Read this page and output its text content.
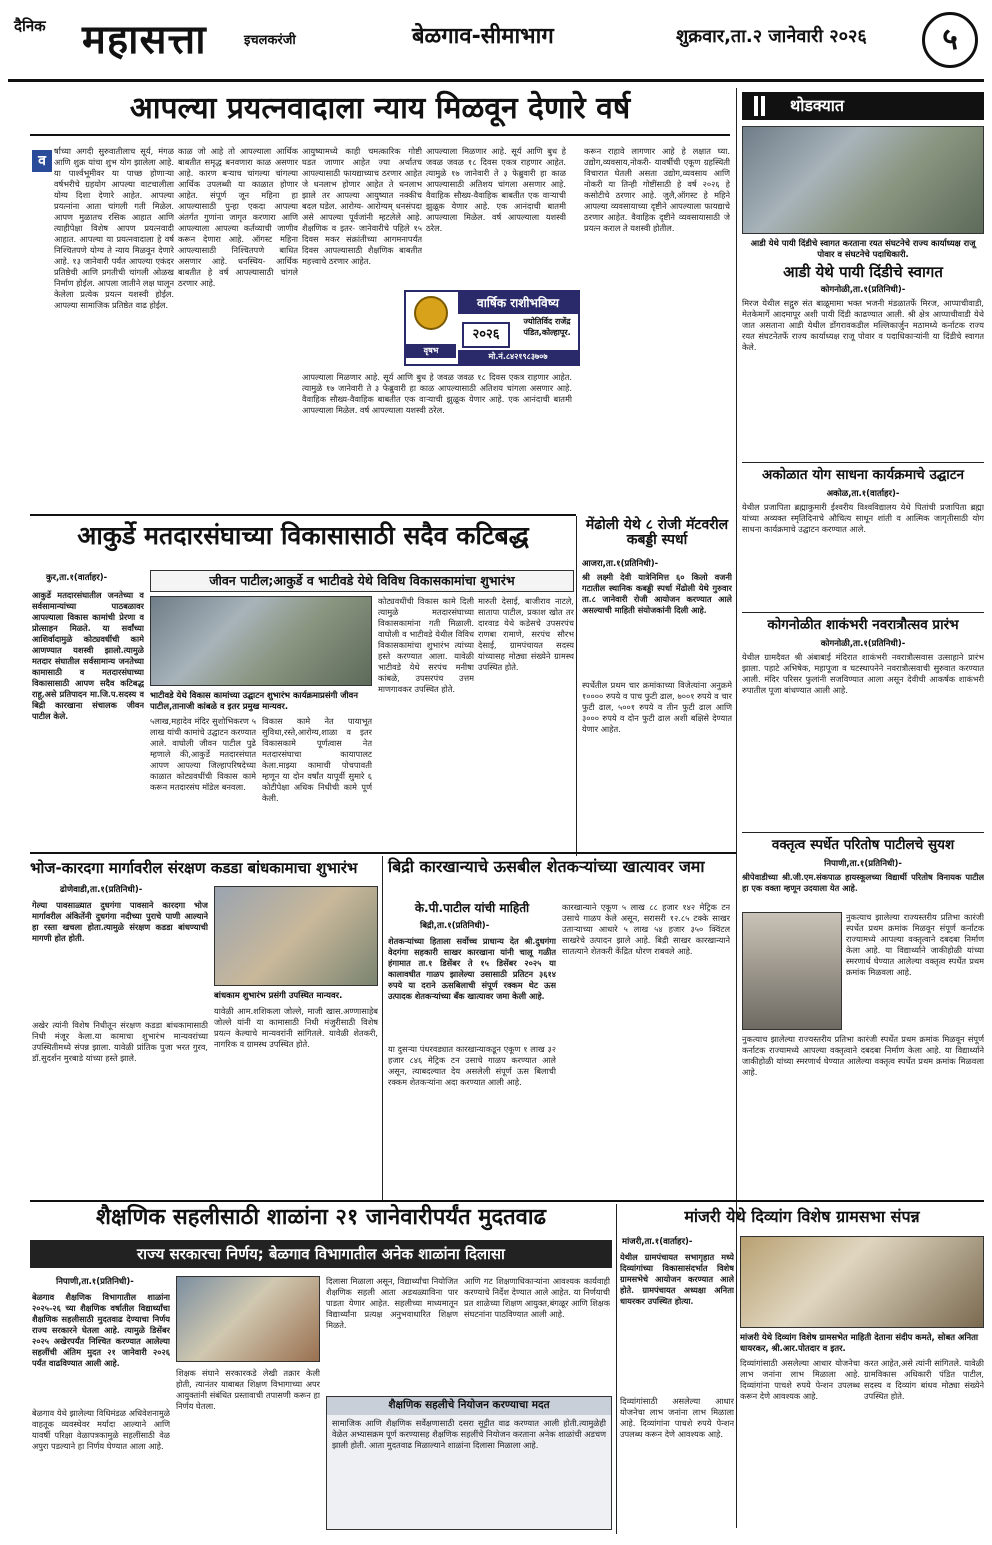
दैनिक महासत्ता	इचलकरंजी	बेळगाव-सीमाभाग	शुक्रवार,ता.२ जानेवारी २०२६	५
आपल्या प्रयत्नवादाला न्याय मिळवून देणारे वर्ष
व
र्षाच्या अगदी सुरुवातीलाच सूर्य, मंगळ आणि शुक्र यांचा शुभ योग झालेला आहे. या पार्श्वभूमीवर या पाच्छ होणाऱ्या वर्षभरीचे ग्रहयोग आपल्या वाटचालीला योग्य दिशा देणारे आहेत. आपल्या प्रयत्नांना आता चांगली गती मिळेल. आपण मुळातच रसिक आहात आणि त्याहीपेक्षा विशेष आपण प्रयत्नवादी आहात. आपल्या या प्रयत्नवादाला हे वर्ष निश्चितपणे योग्य ते न्याय मिळवून देणारे आहे. १३ जानेवारी पर्यंत आपल्या एकंदर प्रतिष्ठेची आणि प्रगतीची चांगली ओळख निर्माण होईल. आपला जातीने लक्ष घालून केलेला प्रत्येक प्रयत्न यशस्वी होईल. आपल्या सामाजिक प्रतिष्ठेत वाढ होईल.
काळ जो आहे तो आपल्याला आर्थिक बाबतीत समृद्ध बनवणारा काळ असणार आहे. कारण बऱ्याच चांगल्या चांगल्या आर्थिक उपलब्धी या काळात होणार आहेत. संपूर्ण जून महिना हा आपल्यासाठी पुन्हा एकदा आपल्या अंतर्गत गुणांना जागृत करणारा आणि आपल्याला आपल्या कर्तव्याची जाणीव करून देणारा आहे. ऑगस्ट महिना आपल्यासाठी निश्चितपणे बाधित असणार आहे. धनस्थिय- आर्थिक बाबतीत हे वर्ष आपल्यासाठी चांगले ठरणार आहे.
आयुष्यामध्ये काही चमत्कारिक गोष्टी घडत जाणार आहेत ज्या अर्थातच आपल्यासाठी फायद्याच्याच ठरणार आहेत जे धनलाभ होणार आहेत ते धनलाभ झाले तर आपल्या आयुष्यात नक्कीच बदल घडेल. आरोग्य- आरोग्यम् धनसंपदा असे आपल्या पूर्वजांनी म्हटलेले आहे. शैक्षणिक व इतर- जानेवारीचे पहिले १५ दिवस मकर संक्रांतीच्या आगमनापर्यंत दिवस आपल्यासाठी शैक्षणिक बाबतीत महत्त्वाचे ठरणार आहेत.
आपल्याला मिळणार आहे. सूर्य आणि बुध हे जवळ जवळ १८ दिवस एकत्र राहणार आहेत. त्यामुळे १७ जानेवारी ते ३ फेब्रुवारी हा काळ आपल्यासाठी अतिशय चांगला असणार आहे. वैवाहिक सौख्य-वैवाहिक बाबतीत एक वाऱ्याची झुळूक येणार आहे. एक आनंदाची बातमी आपल्याला मिळेल. वर्ष आपल्याला यशस्वी ठरेल.
करून राहावे लागणार आहे हे लक्षात घ्या. उद्योग,व्यवसाय,नोकरी- यावर्षीची एकूण ग्रहस्थिती विचारात घेतली असता उद्योग,व्यवसाय आणि नोकरी या तिन्ही गोष्टींसाठी हे वर्ष २०२६ हे कसोटीचे ठरणार आहे. जुलै,ऑगस्ट हे महिने आपल्या व्यवसायाच्या दृष्टीने आपल्याला फायद्याचे ठरणार आहेत. वैवाहिक दृष्टीने व्यवसायासाठी जे प्रयत्न कराल ते यशस्वी होतील.
आपल्याला मिळणार आहे. सूर्य आणि बुध हे जवळ जवळ १८ दिवस एकत्र राहणार आहेत. त्यामुळे १७ जानेवारी ते ३ फेब्रुवारी हा काळ आपल्यासाठी अतिशय चांगला असणार आहे. वैवाहिक सौख्य-वैवाहिक बाबतीत एक वाऱ्याची झुळूक येणार आहे. एक आनंदाची बातमी आपल्याला मिळेल. वर्ष आपल्याला यशस्वी ठरेल.
वृषभ
वार्षिक राशीभविष्य
२०२६
ज्योतिर्विद राजेंद्र पंडित,कोल्हापूर.
मो.नं.८४२१९८३७०७
थोडक्यात
आडी येथे पायी दिंडीचे स्वागत करताना रयत संघटनेचे राज्य कार्याध्यक्ष राजू पोवार व संघटनेचे पदाधिकारी.
आडी येथे पायी दिंडीचे स्वागत
कोगनोळी,ता.१(प्रतिनिधी)-
मिरज येथील सद्गुरु संत बाळूमामा भक्त भजनी मंडळातर्फे मिरज, आप्पाचीवाडी, मेतकेमार्गे आदमापूर अशी पायी दिंडी काढण्यात आली. श्री क्षेत्र आप्पाचीवाडी येथे जात असताना आडी येथील डोंगरावकडील मल्लिकार्जुन मठामध्ये कर्नाटक राज्य रयत संघटनेतर्फे राज्य कार्याध्यक्ष राजू पोवार व पदाधिकाऱ्यांनी या दिंडीचे स्वागत केले.
अकोळात योग साधना कार्यक्रमाचे उद्घाटन
अकोळ,ता.१(वार्ताहर)-
येथील प्रजापिता ब्रह्माकुमारी ईश्वरीय विश्वविद्यालय येथे पितांची प्रजापिता ब्रह्मा यांच्या अव्यक्त स्मृतिदिनाचे औचित्य साधून शांती व आत्मिक जागृतीसाठी योग साधना कार्यक्रमाचे उद्घाटन करण्यात आले.
कोगनोळीत शाकंभरी नवरात्रौत्सव प्रारंभ
कोगनोळी,ता.१(प्रतिनिधी)-
येथील ग्रामदैवत श्री अंबाबाई मंदिरात शाकंभरी नवरात्रौत्सवास उत्साहाने प्रारंभ झाला. पहाटे अभिषेक, महापूजा व घटस्थापनेने नवरात्रौत्सवाची सुरुवात करण्यात आली. मंदिर परिसर फुलांनी सजविण्यात आला असून देवीची आकर्षक शाकंभरी रुपातील पूजा बांधण्यात आली आहे.
वक्तृत्व स्पर्धेत परितोष पाटीलचे सुयश
निपाणी,ता.१(प्रतिनिधी)-
श्रीपेवाडीच्या श्री.जी.एम.संकपाळ हायस्कूलच्या विद्यार्थी परितोष विनायक पाटील हा एक वक्ता म्हणून उदयाला येत आहे.
नुकत्याच झालेल्या राज्यस्तरीय प्रतिभा कारंजी स्पर्धेत प्रथम क्रमांक मिळवून संपूर्ण कर्नाटक राज्यामध्ये आपल्या वक्तृत्वाने दबदबा निर्माण केला आहे. या विद्यार्थ्याने जाकीहोळी यांच्या स्मरणार्थ घेण्यात आलेल्या वक्तृत्व स्पर्धेत प्रथम क्रमांक मिळवला आहे.
नुकत्याच झालेल्या राज्यस्तरीय प्रतिभा कारंजी स्पर्धेत प्रथम क्रमांक मिळवून संपूर्ण कर्नाटक राज्यामध्ये आपल्या वक्तृत्वाने दबदबा निर्माण केला आहे. या विद्यार्थ्याने जाकीहोळी यांच्या स्मरणार्थ घेण्यात आलेल्या वक्तृत्व स्पर्धेत प्रथम क्रमांक मिळवला आहे.
मेंढोली येथे ८ रोजी मॅटवरील कबड्डी स्पर्धा
आजरा,ता.१(प्रतिनिधी)-
श्री लक्ष्मी देवी यात्रेनिमित्त ६० किलो वजनी गटातील स्थानिक कबड्डी स्पर्धा मेंढोली येथे गुरुवार ता.८ जानेवारी रोजी आयोजन करण्यात आले असल्याची माहिती संयोजकांनी दिली आहे.
स्पर्धेतील प्रथम चार क्रमांकाच्या विजेत्यांना अनुक्रमे १०००० रुपये व पाच फुटी ढाल, ७००१ रुपये व चार फुटी ढाल, ५००१ रुपये व तीन फुटी ढाल आणि ३००० रुपये व दोन फुटी ढाल अशी बक्षिसे देण्यात येणार आहेत.
आकुर्डे मतदारसंघाच्या विकासासाठी सदैव कटिबद्ध
कुर,ता.१(वार्ताहर)-
आकुर्डे मतदारसंघातील जनतेच्या व सर्वसामान्यांच्या पाठबळावर आपल्याला विकास कामांची प्रेरणा व प्रोत्साहन मिळते. या सर्वांच्या आशिर्वादामुळे कोट्यवधींची कामे आणण्यात यशस्वी झालो.त्यामुळे मतदार संघातील सर्वसामान्य जनतेच्या कामासाठी व मतदारसंघाच्या विकासासाठी आपण सदैव कटिबद्ध राहू,असे प्रतिपादन मा.जि.प.सदस्य व बिद्री कारखाना संचालक जीवन पाटील केले.
जीवन पाटील;आकुर्डे व भाटीवडे येथे विविध विकासकामांचा शुभारंभ
भाटीवडे येथे विकास कामांच्या उद्घाटन शुभारंभ कार्यक्रमाप्रसंगी जीवन पाटील,तानाजी कांबळे व इतर प्रमुख मान्यवर.
५लाख,महादेव मंदिर सुशोभिकरण ५ लाख यांची कामांचे उद्घाटन करण्यात आले. वाघोली जीवन पाटील पुढे म्हणाले की,आकुर्डे मतदारसंघात आपण आपल्या जिल्हापरिषदेच्या काळात कोट्यवधींची विकास कामे करून मतदारसंघ मॉडेल बनवला.
विकास कामे नेत पायाभूत सुविधा,रस्ते,आरोग्य,शाळा व इतर विकासकामे पूर्णत्वास नेत मतदारसंघाचा कायापालट केला.माझ्या कामाची पोचपावती म्हणून या दोन वर्षांत यापूर्वी सुमारे ६ कोटीपेक्षा अधिक निधीची कामे पूर्ण केली.
कोट्यवधींची विकास कामे दिली त्यामुळे मतदारसंघाच्या विकासकामांना गती मिळाली. वाघोली व भाटीवडे येथील विविध विकासकामांचा शुभारंभ त्यांच्या हस्ते करण्यात आला. यावेळी भाटीवडे येथे सरपंच मनीषा कांबळे, उपसरपंच उत्तम माणगावकर उपस्थित होते.
मारुती देसाई, बाजीराव नाटले, सातापा पाटील, प्रकाश खोत तर दारवाड येथे कडेसचे उपसरपंच राणबा रामाणे, सरपंच सौरभ देसाई, ग्रामपंचायत सदस्य यांच्यासह मोठ्या संख्येने ग्रामस्थ उपस्थित होते.
भोज-कारदगा मार्गावरील संरक्षण कडडा बांधकामाचा शुभारंभ
ढोणेवाडी,ता.१(प्रतिनिधी)-
गेल्या पावसाळ्यात दुधगंगा पावसाने कारदगा भोज मार्गावरील अंकितेंनी दुधगंगा नदीच्या पुराचे पाणी आल्याने हा रस्ता खचला होता.त्यामुळे संरक्षण कडडा बांधण्याची मागणी होत होती.
अखेर त्यांनी विशेष निधीतून संरक्षण कडडा बांधकामासाठी निधी मंजूर केला.या कामाचा शुभारंभ मान्यवरांच्या उपस्थितीमध्ये संपन्न झाला. यावेळी प्रांतिक पुजा भरत गुरव, डॉ.सुदर्शन मुरबाडे यांच्या हस्ते झाले.
बांधकाम शुभारंभ प्रसंगी उपस्थित मान्यवर.
यावेळी आम.शशिकला जोल्ले, माजी खास.अण्णासाहेब जोल्ले यांनी या कामासाठी निधी मंजुरीसाठी विशेष प्रयत्न केल्याचे मान्यवरांनी सांगितले. यावेळी शेतकरी, नागरिक व ग्रामस्थ उपस्थित होते.
बिद्री कारखान्याचे ऊसबील शेतकऱ्यांच्या खात्यावर जमा
के.पी.पाटील यांची माहिती
बिद्री,ता.१(प्रतिनिधी)-
शेतकऱ्यांच्या हिताला सर्वोच्च प्राधान्य देत श्री.दुधगंगा वेदगंगा सहकारी साखर कारखाना यांनी चालू गळीत हंगामात ता.१ डिसेंबर ते १५ डिसेंबर २०२५ या कालावधीत गाळप झालेल्या उसासाठी प्रतिटन ३६१४ रुपये या दराने ऊसबिलाची संपूर्ण रक्कम थेट ऊस उत्पादक शेतकऱ्यांच्या बँक खात्यावर जमा केली आहे.
या दुसऱ्या पंधरवड्यात कारखान्याकडून एकूण १ लाख ३२ हजार ८४६ मेट्रिक टन उसाचे गाळप करण्यात आले असून, त्याबदल्यात देय असलेली संपूर्ण ऊस बिलाची रक्कम शेतकऱ्यांना अदा करण्यात आली आहे.
कारखान्याने एकूण ५ लाख ८८ हजार १४२ मेट्रिक टन उसाचे गाळप केले असून, सरासरी १२.८५ टक्के साखर उताऱ्याच्या आधारे ५ लाख ५४ हजार ३५० क्विंटल साखरेचे उत्पादन झाले आहे. बिद्री साखर कारखान्याने सातत्याने शेतकरी केंद्रित धोरण राबवले आहे.
शैक्षणिक सहलीसाठी शाळांना २१ जानेवारीपर्यंत मुदतवाढ
राज्य सरकारचा निर्णय; बेळगाव विभागातील अनेक शाळांना दिलासा
निपाणी,ता.१(प्रतिनिधी)-
बेळगाव शैक्षणिक विभागातील शाळांना २०२५-२६ च्या शैक्षणिक वर्षातील विद्यार्थ्यांचा शैक्षणिक सहलीसाठी मुदतवाढ देण्याचा निर्णय राज्य सरकारने घेतला आहे. त्यामुळे डिसेंबर २०२५ अखेरपर्यंत निश्चित करण्यात आलेल्या सहलींची अंतिम मुदत २१ जानेवारी २०२६ पर्यंत वाढविण्यात आली आहे.
बेळगाव येथे झालेल्या विधिमंडळ अधिवेशनामुळे वाहतूक व्यवस्थेवर मर्यादा आल्याने आणि यावर्षी परिक्षा वेळापत्रकामुळे सहलींसाठी वेळ अपुरा पडल्याने हा निर्णय घेण्यात आला आहे.
शिक्षक संघाने सरकारकडे लेखी तक्रार केली होती, त्यानंतर याबाबत शिक्षण विभागाच्या अपर आयुक्तांनी संबंधित प्रस्तावाची तपासणी करून हा निर्णय घेतला.
दिलासा मिळाला असून, विद्यार्थ्यांचा नियोजित शैक्षणिक सहली आता अडथळ्याविना पार पाडता येणार आहेत. सहलीच्या माध्यमातून विद्यार्थ्यांना प्रत्यक्ष अनुभवाधारित शिक्षण मिळते.
आणि गट शिक्षणाधिकाऱ्यांना आवश्यक कार्यवाही करण्याचे निर्देश देण्यात आले आहेत. या निर्णयाची प्रत शाळेच्या शिक्षण आयुक्त,बंगळूर आणि शिक्षक संघटनांना पाठविण्यात आली आहे.
शैक्षणिक सहलीचे नियोजन करण्याचा मदत
सामाजिक आणि शैक्षणिक सर्वेक्षणासाठी दसरा सुट्टीत वाढ करण्यात आली होती.त्यामुळेही वेळेत अभ्यासक्रम पूर्ण करण्यासह शैक्षणिक सहलींचे नियोजन करताना अनेक शाळांची अडचण झाली होती. आता मुदतवाढ मिळाल्याने शाळांना दिलासा मिळाला आहे.
मांजरी येथे दिव्यांग विशेष ग्रामसभा संपन्न
मांजरी,ता.१(वार्ताहर)-
येथील ग्रामपंचायत सभागृहात मध्ये दिव्यांगांच्या विकासासंदर्भात विशेष ग्रामसभेचे आयोजन करण्यात आले होते. ग्रामपंचायत अध्यक्षा अनिता धायरकर उपस्थित होत्या.
मांजरी येथे दिव्यांग विशेष ग्रामसभेत माहिती देताना संदीप कमते, सोबत अनिता धायरकर, श्री.आर.पोतदार व इतर.
दिव्यांगांसाठी असलेल्या आधार योजनेचा लाभ जनांना लाभ मिळाला आहे. दिव्यांगांना पाचशे रुपये पेन्शन उपलब्ध करून देणे आवश्यक आहे.
करत आहेत,असे त्यांनी सांगितले. यावेळी ग्रामविकास अधिकारी पंडित पाटील, सदस्य व दिव्यांग बांधव मोठ्या संख्येने उपस्थित होते.
दिव्यांगांसाठी असलेल्या आधार योजनेचा लाभ जनांना लाभ मिळाला आहे. दिव्यांगांना पाचशे रुपये पेन्शन उपलब्ध करून देणे आवश्यक आहे.
